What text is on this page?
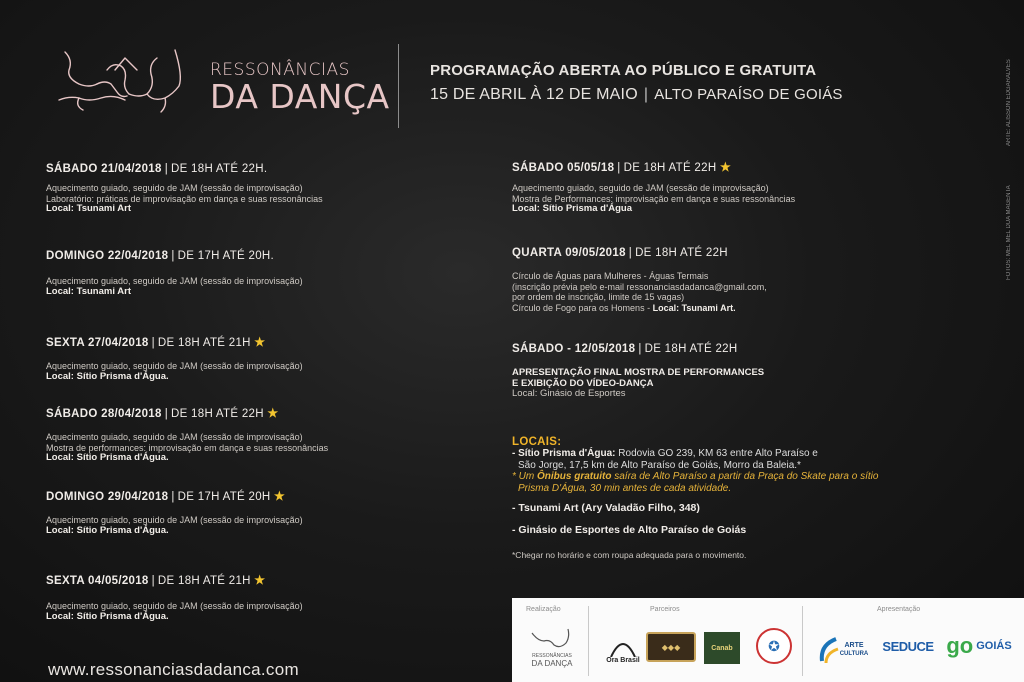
RESSONÂNCIAS
DA DANÇA
PROGRAMAÇÃO ABERTA AO PÚBLICO E GRATUITA
15 DE ABRIL À 12 DE MAIO | ALTO PARAÍSO DE GOIÁS	ARTE: ALISSON EDGARALVES
FOTOS: MEL MEL DUA MAGENTA
SÁBADO 21/04/2018 | DE 18H ATÉ 22H.

Aquecimento guiado, seguido de JAM (sessão de improvisação)

Laboratório: práticas de improvisação em dança e suas ressonâncias

Local: Tsunami Art

DOMINGO 22/04/2018 | DE 17H ATÉ 20H.

Aquecimento guiado, seguido de JAM (sessão de improvisação)

Local: Tsunami Art

SEXTA 27/04/2018 | DE 18H ATÉ 21H ★

Aquecimento guiado, seguido de JAM (sessão de improvisação)

Local: Sítio Prisma d'Água.

SÁBADO 28/04/2018 | DE 18H ATÉ 22H ★

Aquecimento guiado, seguido de JAM (sessão de improvisação)

Mostra de performances: improvisação em dança e suas ressonâncias

Local: Sítio Prisma d'Água.

DOMINGO 29/04/2018 | DE 17H ATÉ 20H ★

Aquecimento guiado, seguido de JAM (sessão de improvisação)

Local: Sítio Prisma d'Água.

SEXTA 04/05/2018 | DE 18H ATÉ 21H ★

Aquecimento guiado, seguido de JAM (sessão de improvisação)

Local: Sítio Prisma d'Água.

SÁBADO 05/05/18 | DE 18H ATÉ 22H ★

Aquecimento guiado, seguido de JAM (sessão de improvisação)

Mostra de Performances: improvisação em dança e suas ressonâncias

Local: Sítio Prisma d'Água

QUARTA 09/05/2018 | DE 18H ATÉ 22H

Círculo de Águas para Mulheres - Águas Termais

(inscrição prévia pelo e-mail ressonanciasdadanca@gmail.com,

por ordem de inscrição, limite de 15 vagas)

Círculo de Fogo para os Homens - Local: Tsunami Art.

SÁBADO - 12/05/2018 | DE 18H ATÉ 22H

APRESENTAÇÃO FINAL MOSTRA DE PERFORMANCES

E EXIBIÇÃO DO VÍDEO-DANÇA

Local: Ginásio de Esportes

LOCAIS:
- Sítio Prisma d'Água: Rodovia GO 239, KM 63 entre Alto Paraíso e
São Jorge, 17,5 km de Alto Paraíso de Goiás, Morro da Baleia.*
* Um Ônibus gratuito saíra de Alto Paraíso a partir da Praça do Skate para o sítio
Prisma D'Água, 30 min antes de cada atividade.
- Tsunami Art (Ary Valadão Filho, 348)
- Ginásio de Esportes de Alto Paraíso de Goiás
*Chegar no horário e com roupa adequada para o movimento.
www.ressonanciasdadanca.com
Realização	Parceiros	Apresentação
RESSONÂNCIAS
DA DANÇA	Ora Brasil
◆◆◆	Canab	✪	ARTE
CULTURA
SEDUCE go GOIÁS
